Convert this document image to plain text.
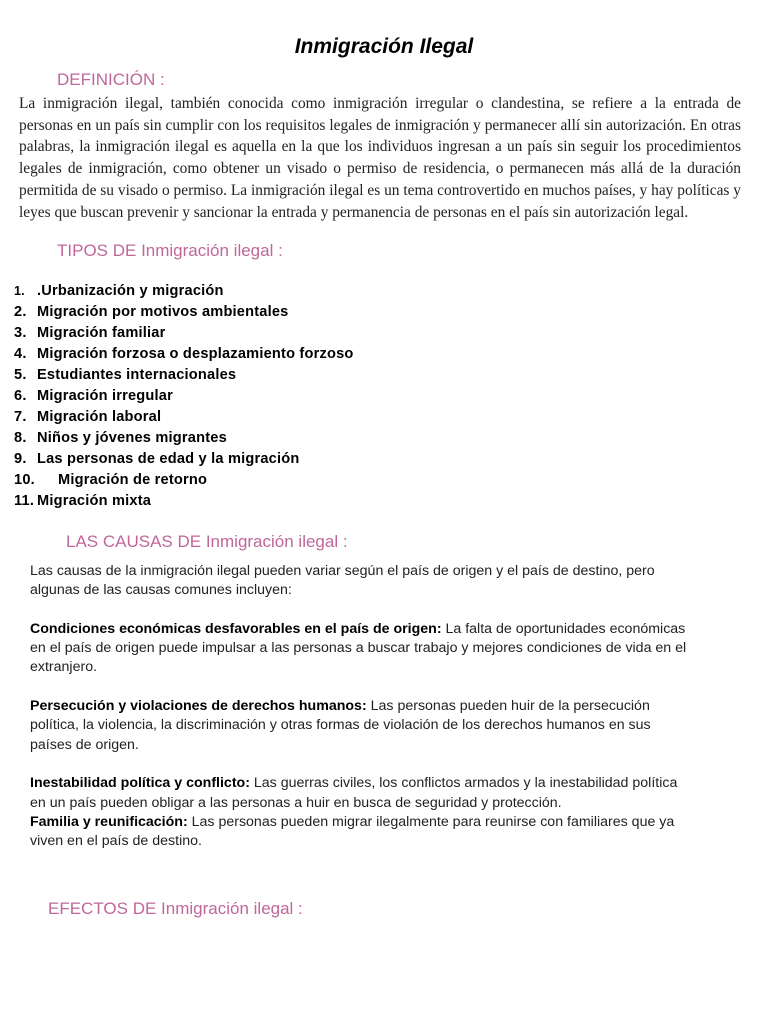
Inmigración Ilegal
DEFINICIÓN :

La inmigración ilegal, también conocida como inmigración irregular o clandestina, se refiere a la entrada de personas en un país sin cumplir con los requisitos legales de inmigración y permanecer allí sin autorización. En otras palabras, la inmigración ilegal es aquella en la que los individuos ingresan a un país sin seguir los procedimientos legales de inmigración, como obtener un visado o permiso de residencia, o permanecen más allá de la duración permitida de su visado o permiso. La inmigración ilegal es un tema controvertido en muchos países, y hay políticas y leyes que buscan prevenir y sancionar la entrada y permanencia de personas en el país sin autorización legal.

TIPOS DE Inmigración ilegal :
1. .Urbanización y migración
2. Migración por motivos ambientales
3. Migración familiar
4. Migración forzosa o desplazamiento forzoso
5. Estudiantes internacionales
6. Migración irregular
7. Migración laboral
8. Niños y jóvenes migrantes
9. Las personas de edad y la migración
10.	Migración de retorno
11. Migración mixta
LAS CAUSAS DE Inmigración ilegal :

Las causas de la inmigración ilegal pueden variar según el país de origen y el país de destino, pero algunas de las causas comunes incluyen:

Condiciones económicas desfavorables en el país de origen: La falta de oportunidades económicas en el país de origen puede impulsar a las personas a buscar trabajo y mejores condiciones de vida en el extranjero.

Persecución y violaciones de derechos humanos: Las personas pueden huir de la persecución política, la violencia, la discriminación y otras formas de violación de los derechos humanos en sus países de origen.

Inestabilidad política y conflicto: Las guerras civiles, los conflictos armados y la inestabilidad política en un país pueden obligar a las personas a huir en busca de seguridad y protección.

Familia y reunificación: Las personas pueden migrar ilegalmente para reunirse con familiares que ya viven en el país de destino.

EFECTOS DE Inmigración ilegal :
